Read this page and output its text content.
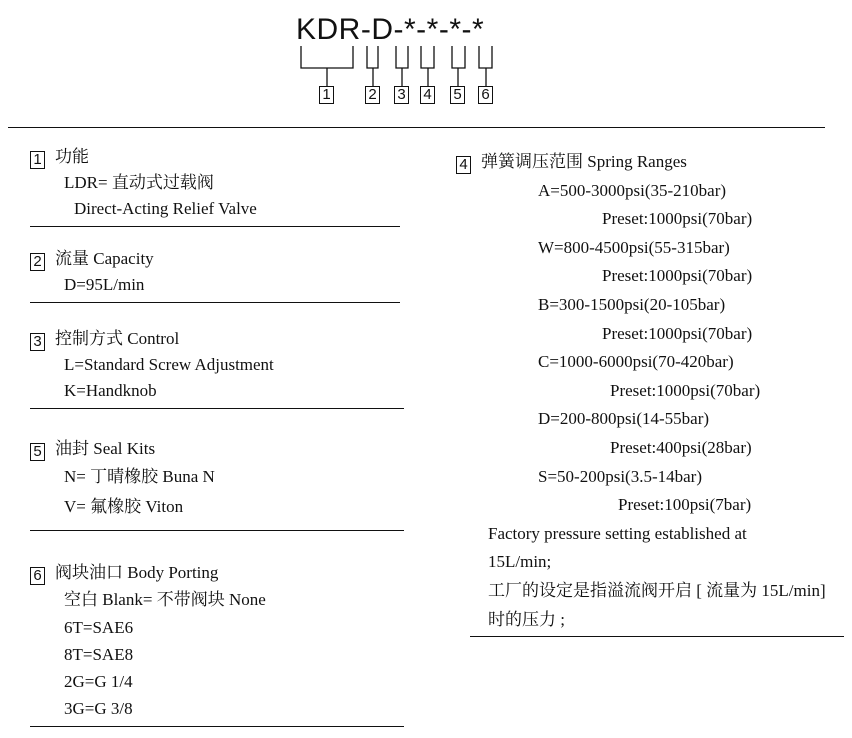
KDR-D-*-*-*-*
1	2 3 4 5 6
1 功能
LDR= 直动式过载阀
Direct-Acting Relief Valve
2 流量 Capacity
D=95L/min
3 控制方式 Control
L=Standard Screw Adjustment
K=Handknob
5 油封 Seal Kits
N= 丁晴橡胶 Buna N
V= 氟橡胶 Viton
6 阀块油口 Body Porting
空白 Blank= 不带阀块 None
6T=SAE6
8T=SAE8
2G=G 1/4
3G=G 3/8
4 弹簧调压范围 Spring Ranges
A=500-3000psi(35-210bar)
Preset:1000psi(70bar)
W=800-4500psi(55-315bar)
Preset:1000psi(70bar)
B=300-1500psi(20-105bar)
Preset:1000psi(70bar)
C=1000-6000psi(70-420bar)
Preset:1000psi(70bar)
D=200-800psi(14-55bar)
Preset:400psi(28bar)
S=50-200psi(3.5-14bar)
Preset:100psi(7bar)
Factory pressure setting established at
15L/min;
工厂的设定是指溢流阀开启 [ 流量为 15L/min]
时的压力 ;
